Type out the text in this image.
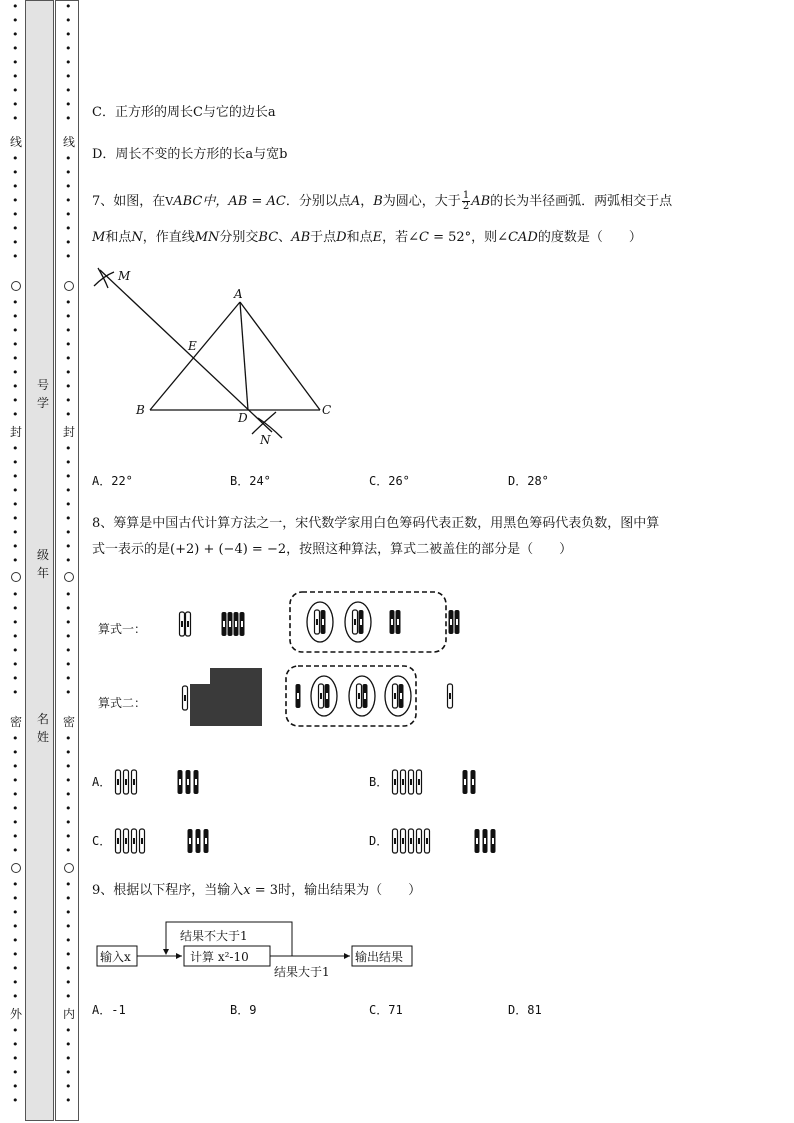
•
•
•
•
•
•
•
•
•
线
•
•
•
•
•
•
•
•
•
•
•
•
•
•
•
•
•
封
•
•
•
•
•
•
•
•
•
•
•
•
•
•
•
•
•
密
•
•
•
•
•
•
•
•
•
•
•
•
•
•
•
•
•
•
外
•
•
•
•
•
•
号
学
级
年
名
姓
•
•
•
•
•
•
•
•
•
线
•
•
•
•
•
•
•
•
•
•
•
•
•
•
•
•
•
封
•
•
•
•
•
•
•
•
•
•
•
•
•
•
•
•
•
密
•
•
•
•
•
•
•
•
•
•
•
•
•
•
•
•
•
•
内
•
•
•
•
•
•
C．正方形的周长C与它的边长a
D．周长不变的长方形的长a与宽b
7、如图，在VABC中，AB = AC．分别以点A，B为圆心，大于 $\frac{1}{2}$ AB的长为半径画弧．两弧相交于点
M和点N，作直线MN分别交BC、AB于点D和点E，若∠C = 52°，则∠CAD的度数是（　　）
M
A
E
B
D
C
N
A．22°	B．24°	C．26°	D．28°
8、筹算是中国古代计算方法之一，宋代数学家用白色筹码代表正数，用黑色筹码代表负数，图中算
式一表示的是(+2) + (−4) = −2，按照这种算法，算式二被盖住的部分是（　　）
算式一：
算式二：
A．	B．
C．	D．
9、根据以下程序，当输入x = 3时，输出结果为（　　）
输入x	计算 x²-10	输出结果
结果不大于1
结果大于1
A．-1	B．9	C．71	D．81
